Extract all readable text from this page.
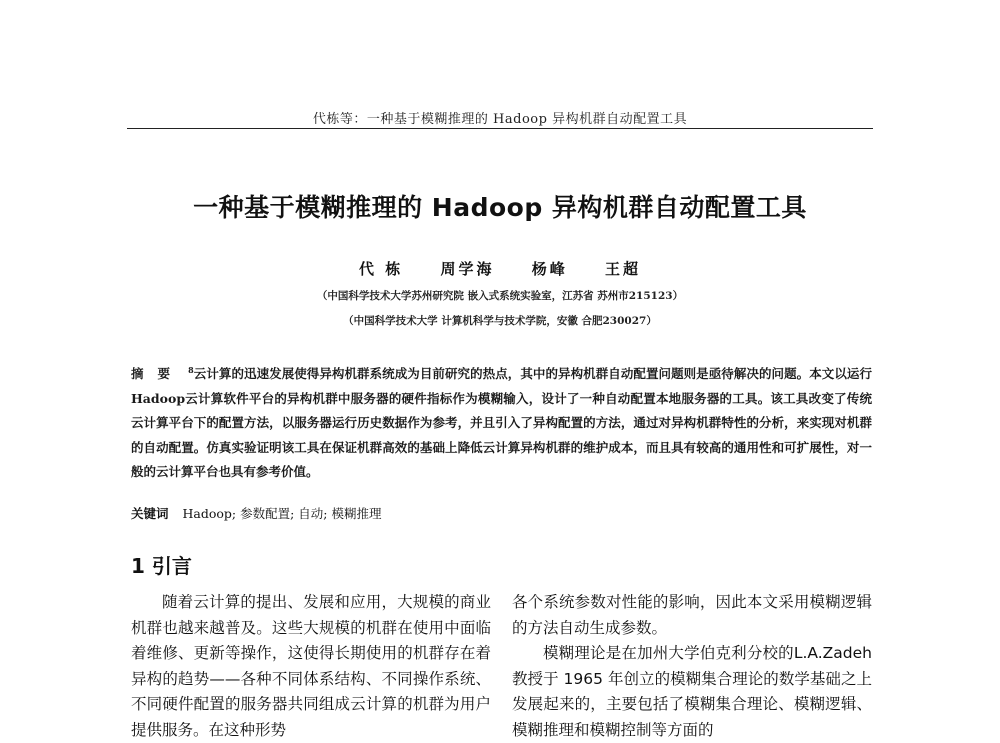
代栋等：一种基于模糊推理的 Hadoop 异构机群自动配置工具
一种基于模糊推理的 Hadoop 异构机群自动配置工具
代 栋 周学海 杨峰 王超
（中国科学技术大学苏州研究院 嵌入式系统实验室，江苏省 苏州市215123）
（中国科学技术大学 计算机科学与技术学院，安徽 合肥230027）
摘要 $^8$云计算的迅速发展使得异构机群系统成为目前研究的热点，其中的异构机群自动配置问题则是亟待解决的问题。本文以运行Hadoop云计算软件平台的异构机群中服务器的硬件指标作为模糊输入，设计了一种自动配置本地服务器的工具。该工具改变了传统云计算平台下的配置方法，以服务器运行历史数据作为参考，并且引入了异构配置的方法，通过对异构机群特性的分析，来实现对机群的自动配置。仿真实验证明该工具在保证机群高效的基础上降低云计算异构机群的维护成本，而且具有较高的通用性和可扩展性，对一般的云计算平台也具有参考价值。
关键词 Hadoop; 参数配置; 自动; 模糊推理
1 引言

随着云计算的提出、发展和应用，大规模的商业机群也越来越普及。这些大规模的机群在使用中面临着维修、更新等操作，这使得长期使用的机群存在着异构的趋势——各种不同体系结构、不同操作系统、不同硬件配置的服务器共同组成云计算的机群为用户提供服务。在这种形势

各个系统参数对性能的影响，因此本文采用模糊逻辑的方法自动生成参数。

模糊理论是在加州大学伯克利分校的L.A.Zadeh教授于 1965 年创立的模糊集合理论的数学基础之上发展起来的，主要包括了模糊集合理论、模糊逻辑、模糊推理和模糊控制等方面的
